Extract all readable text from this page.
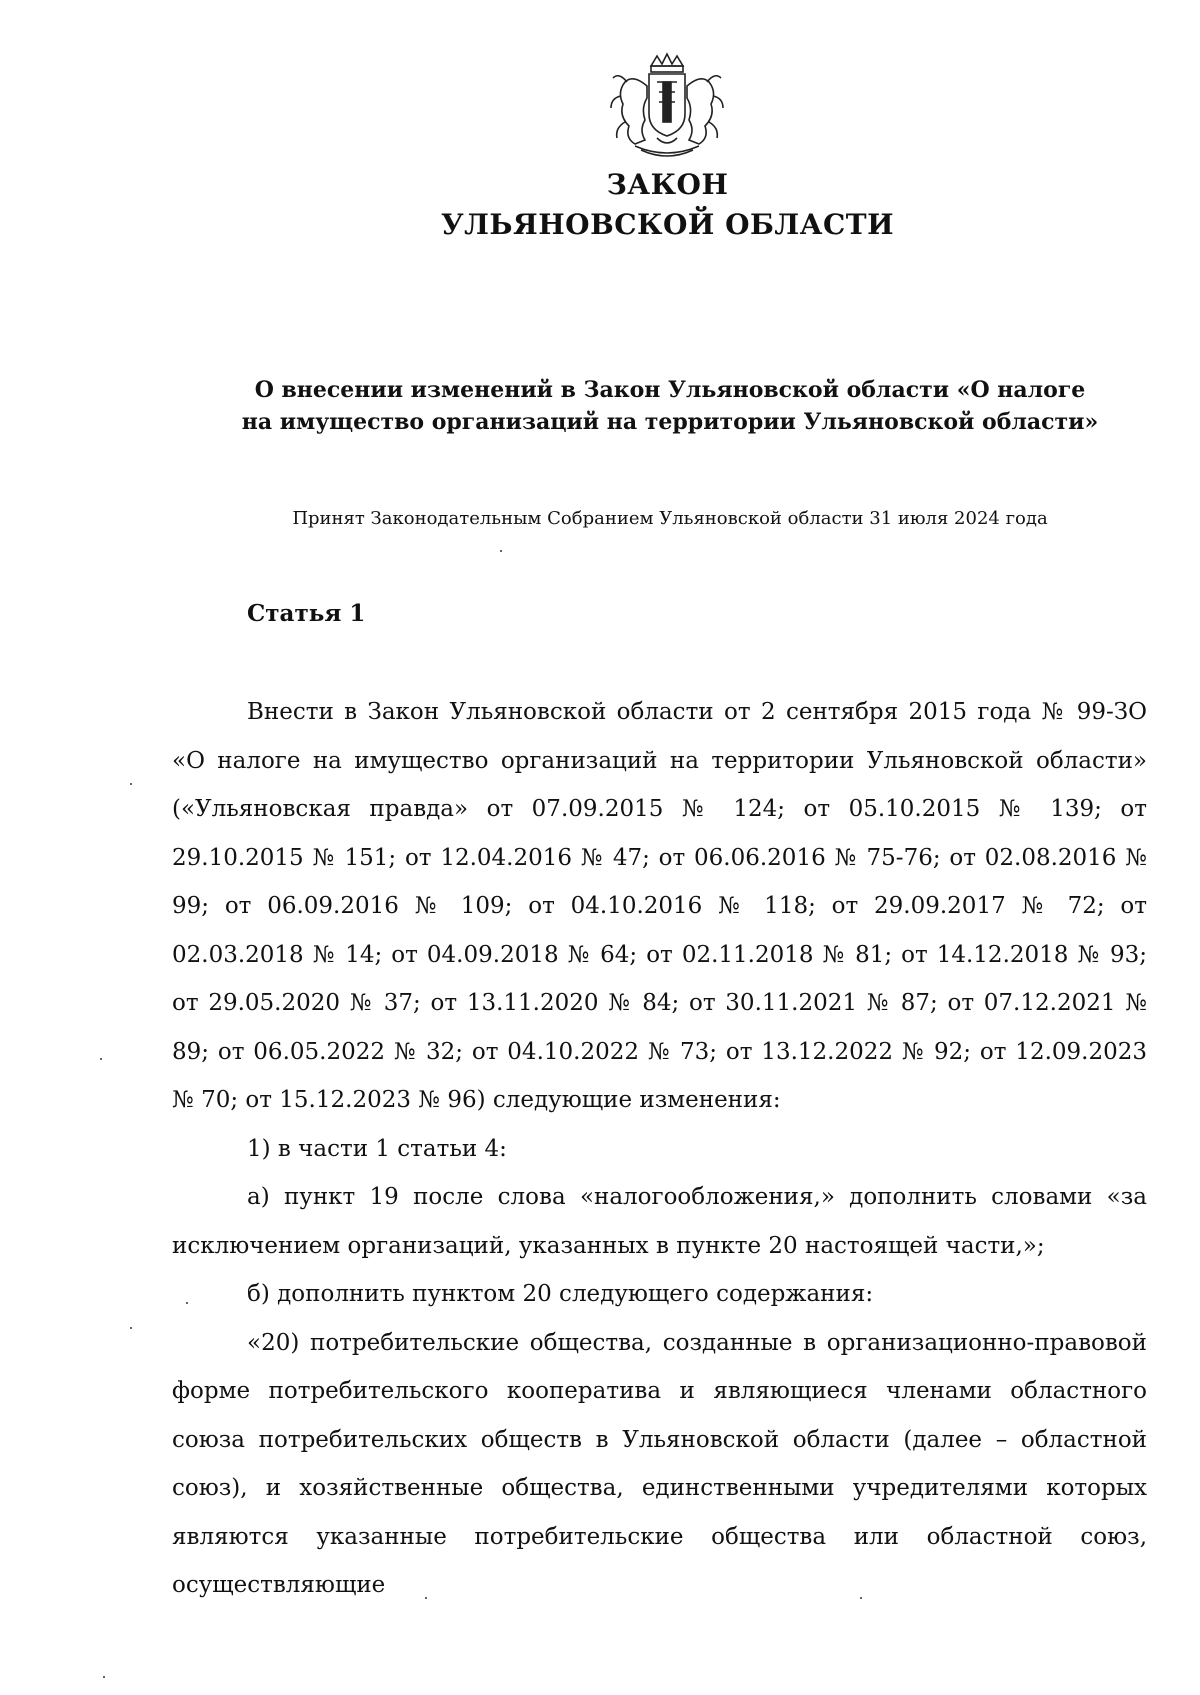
ЗАКОН
УЛЬЯНОВСКОЙ ОБЛАСТИ
О внесении изменений в Закон Ульяновской области «О налоге
на имущество организаций на территории Ульяновской области»
Принят Законодательным Собранием Ульяновской области 31 июля 2024 года
Статья 1

Внести в Закон Ульяновской области от 2 сентября 2015 года № 99-ЗО «О налоге на имущество организаций на территории Ульяновской области» («Ульяновская правда» от 07.09.2015 № 124; от 05.10.2015 № 139; от 29.10.2015 № 151; от 12.04.2016 № 47; от 06.06.2016 № 75-76; от 02.08.2016 № 99; от 06.09.2016 № 109; от 04.10.2016 № 118; от 29.09.2017 № 72; от 02.03.2018 № 14; от 04.09.2018 № 64; от 02.11.2018 № 81; от 14.12.2018 № 93; от 29.05.2020 № 37; от 13.11.2020 № 84; от 30.11.2021 № 87; от 07.12.2021 № 89; от 06.05.2022 № 32; от 04.10.2022 № 73; от 13.12.2022 № 92; от 12.09.2023 № 70; от 15.12.2023 № 96) следующие изменения:

1) в части 1 статьи 4:

а) пункт 19 после слова «налогообложения,» дополнить словами «за исключением организаций, указанных в пункте 20 настоящей части,»;

б) дополнить пунктом 20 следующего содержания:

«20) потребительские общества, созданные в организационно-правовой форме потребительского кооператива и являющиеся членами областного союза потребительских обществ в Ульяновской области (далее – областной союз), и хозяйственные общества, единственными учредителями которых являются указанные потребительские общества или областной союз, осуществляющие
